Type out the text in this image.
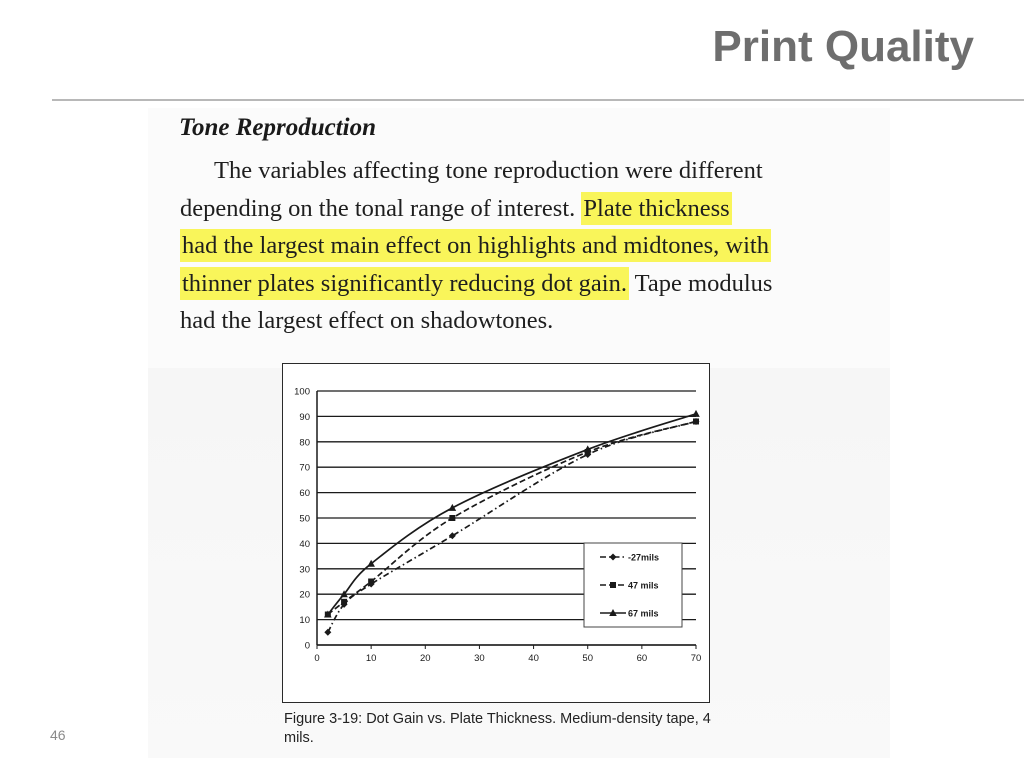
Print Quality
Tone Reproduction
The variables affecting tone reproduction were different
depending on the tonal range of interest. Plate thickness
had the largest main effect on highlights and midtones, with
thinner plates significantly reducing dot gain. Tape modulus
had the largest effect on shadowtones.
0
10
20
30
40
50
60
70
80
90
100
0	10	20	30	40	50	60	70
-27mils
47 mils
67 mils
Figure 3-19: Dot Gain vs. Plate Thickness. Medium-density tape, 4 mils.
46
